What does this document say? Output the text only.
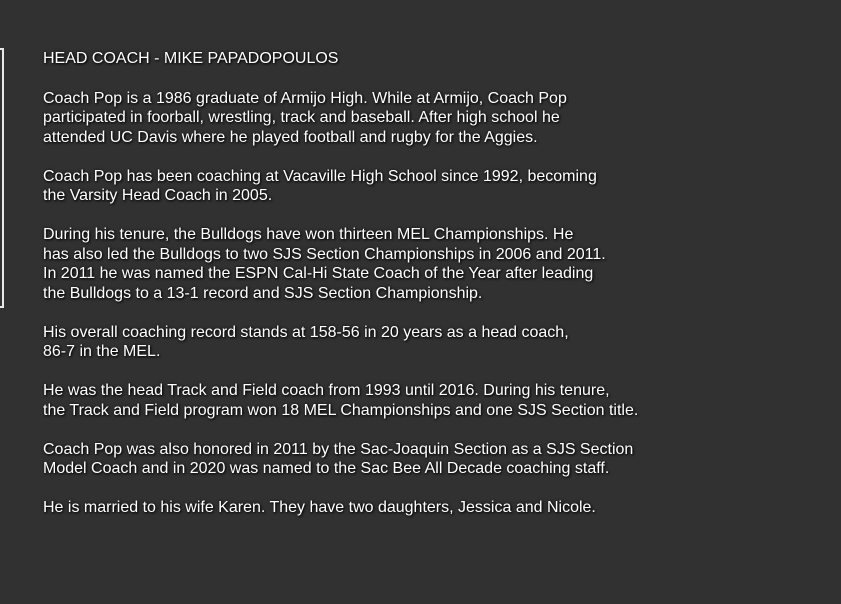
HEAD COACH - MIKE PAPADOPOULOS

Coach Pop is a 1986 graduate of Armijo High. While at Armijo, Coach Pop
participated in foorball, wrestling, track and baseball. After high school he
attended UC Davis where he played football and rugby for the Aggies.

Coach Pop has been coaching at Vacaville High School since 1992, becoming
the Varsity Head Coach in 2005.

During his tenure, the Bulldogs have won thirteen MEL Championships. He
has also led the Bulldogs to two SJS Section Championships in 2006 and 2011.
In 2011 he was named the ESPN Cal-Hi State Coach of the Year after leading
the Bulldogs to a 13-1 record and SJS Section Championship.

His overall coaching record stands at 158-56 in 20 years as a head coach,
86-7 in the MEL.

He was the head Track and Field coach from 1993 until 2016. During his tenure,
the Track and Field program won 18 MEL Championships and one SJS Section title.

Coach Pop was also honored in 2011 by the Sac-Joaquin Section as a SJS Section
Model Coach and in 2020 was named to the Sac Bee All Decade coaching staff.

He is married to his wife Karen. They have two daughters, Jessica and Nicole.
